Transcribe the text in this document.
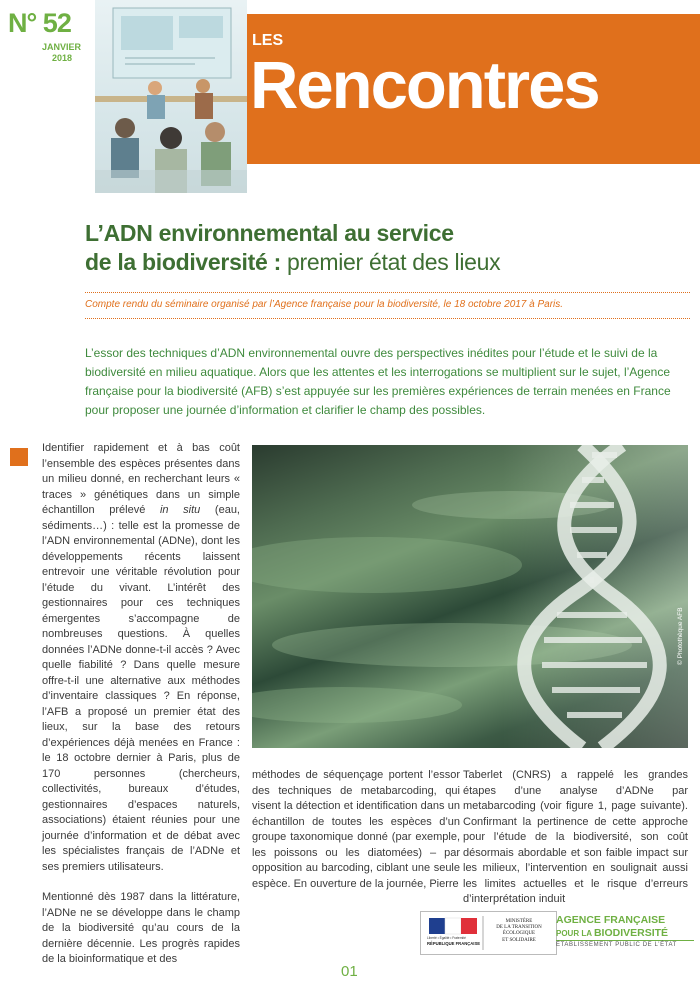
N° 52
JANVIER
2018
LES
Rencontres
L’ADN environnemental au service
de la biodiversité : premier état des lieux
Compte rendu du séminaire organisé par l’Agence française pour la biodiversité, le 18 octobre 2017 à Paris.

L’essor des techniques d’ADN environnemental ouvre des perspectives inédites pour l’étude et le suivi de la biodiversité en milieu aquatique. Alors que les attentes et les interrogations se multiplient sur le sujet, l’Agence française pour la biodiversité (AFB) s’est appuyée sur les premières expériences de terrain menées en France pour proposer une journée d’information et clarifier le champ des possibles.

Identifier rapidement et à bas coût l’ensemble des espèces présentes dans un milieu donné, en recherchant leurs « traces » génétiques dans un simple échantillon prélevé in situ (eau, sédiments…) : telle est la promesse de l’ADN environnemental (ADNe), dont les développements récents laissent entrevoir une véritable révolution pour l’étude du vivant. L’intérêt des gestionnaires pour ces techniques émergentes s’accompagne de nombreuses questions. À quelles données l’ADNe donne-t-il accès ? Avec quelle fiabilité ? Dans quelle mesure offre-t-il une alternative aux méthodes d’inventaire classiques ? En réponse, l’AFB a proposé un premier état des lieux, sur la base des retours d’expériences déjà menées en France : le 18 octobre dernier à Paris, plus de 170 personnes (chercheurs, collectivités, bureaux d’études, gestionnaires d’espaces naturels, associations) étaient réunies pour une journée d’information et de débat avec les spécialistes français de l’ADNe et ses premiers utilisateurs.

Mentionné dès 1987 dans la littérature, l’ADNe ne se développe dans le champ de la biodiversité qu’au cours de la dernière décennie. Les progrès rapides de la bioinformatique et des

© Photothèque AFB

méthodes de séquençage portent l’essor des techniques de metabarcoding, qui visent la détection et identification dans un échantillon de toutes les espèces d’un groupe taxonomique donné (par exemple, les poissons ou les diatomées) – par opposition au barcoding, ciblant une seule espèce. En ouverture de la journée, Pierre

Taberlet (CNRS) a rappelé les grandes étapes d’une analyse d’ADNe par metabarcoding (voir figure 1, page suivante). Confirmant la pertinence de cette approche pour l’étude de la biodiversité, son coût désormais abordable et son faible impact sur les milieux, l’intervention en soulignait aussi les limites actuelles et le risque d’erreurs d’interprétation induit

Liberté • Égalité • Fraternité
RÉPUBLIQUE FRANÇAISE
MINISTÈRE
DE LA TRANSITION
ÉCOLOGIQUE
ET SOLIDAIRE
AGENCE FRANÇAISE
POUR LA BIODIVERSITÉ
ÉTABLISSEMENT PUBLIC DE L’ÉTAT
01
